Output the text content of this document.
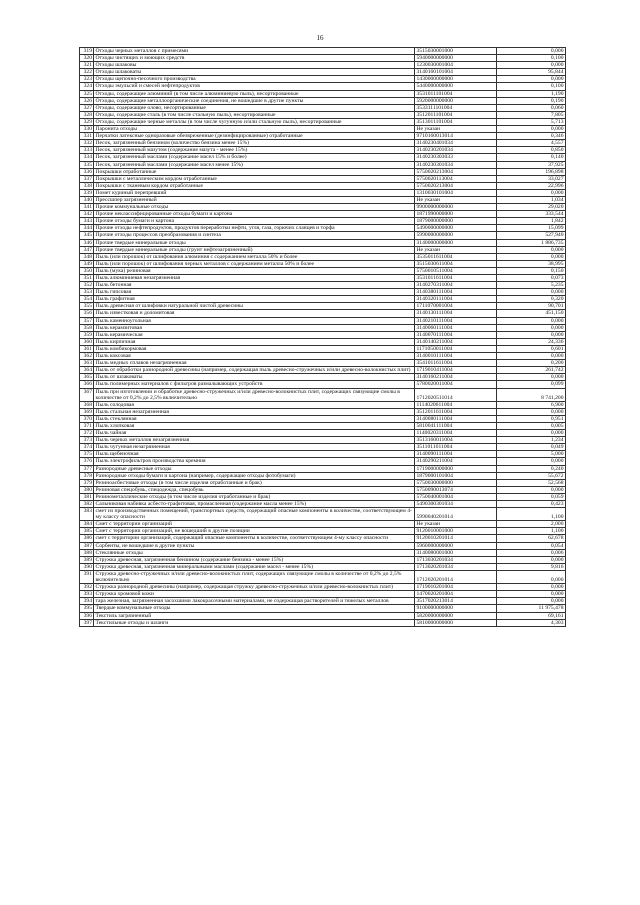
16
319	Отходы черных металлов с примесями	3515030001000	0,000
320	Отходы чистящих и моющих средств	5940000000000	0,100
321	Отходы шлаковы	1230030001004	0,000
322	Отходы шлаковаты	3140160101004	95,844
323	Отходы щепочно-песочного производства	1430000000000	0,000
324	Отходы эмульсий и смесей нефтепродуктов	5440000000000	0,100
325	Отходы, содержащие алюминий (в том числе алюминиевую пыль), несортированные	3531011101004	1,190
326	Отходы, содержащие металлоорганические соединения, не вошедшие в другие пункты	5920000000000	0,190
327	Отходы, содержащие олово, несортированные	3533111101004	0,060
328	Отходы, содержащие сталь (в том числе стальную пыль), несортированные	3512011101004	7,805
329	Отходы, содержащие черные металлы (в том числе чугунную и/или стальную пыль), несортированные	3513011101004	5,713
330	Паронита отходы	Не указан	0,000
331	Перчатки латексные одноразовые обезвреженные (дезинфицированные) отработанные	9710160013014	0,346
332	Песок, загрязненный бензином (количество бензина менее 15%)	3140230401034	4,557
333	Песок, загрязненный мазутом (содержание мазута - менее 15%)	3140230201034	0,850
334	Песок, загрязненный маслами (содержание масел 15% и более)	3140230303033	0,140
335	Песок, загрязненный маслами (содержание масел менее 15%)	3140230301034	37,925
336	Покрышки отработанные	5750020213004	196,898
337	Покрышки с металлическим кордом отработанные	5750020113004	33,027
338	Покрышки с тканевым кордом отработанные	5750020213004	22,996
339	Помет куриный перепревший	1310030101004	0,000
340	Прессшпер загрязненный	Не указан	1,034
341	Прочие коммунальные отходы	9900000000000	29,020
342	Прочие неклассифицированные отходы бумаги и картона	1871990000000	333,544
343	Прочие отходы бумаги и картона	1879000000000	1,842
344	Прочие отходы нефтепродуктов, продуктов переработки нефти, угля, газа, горючих сланцев и торфа	5490000000000	15,099
345	Прочие отходы процессов преобразования и синтеза	5990000000000	527,940
346	Прочие твердые минеральные отходы	3140000000000	1 886,735
347	Прочие твердые минеральные отходы (грунт нефтезагрязненный)	Не указан	0,000
348	Пыль (или порошок) от шлифования алюминия с содержанием металла 50% и более	3535011611004	0,000
349	Пыль (или порошок) от шлифования черных металлов с содержанием металла 50% и более	3515030611004	38,995
350	Пыль (мука) резиновая	5750010511004	0,150
351	Пыль алюминиевая незагрязненная	3531011611004	0,073
352	Пыль бетонная	3140270311004	5,235
353	Пыль гипсовая	3140380111004	0,000
354	Пыль графитная	3140320111004	0,320
355	Пыль древесная от шлифовки натуральной чистой древесины	1711070001004	90,701
356	Пыль известковая и доломитовая	3140130111004	451,150
357	Пыль каменноугольная	3140210111004	0,000
358	Пыль керамзитовая	3140060111004	0,000
359	Пыль керамическая	3140070111004	0,000
360	Пыль кирпичная	3140140211004	24,336
361	Пыль комбикормовая	1171050011004	0,601
362	Пыль коксовая	3140010111004	0,000
363	Пыль медных сплавов незагрязненная	3541011611004	0,200
364	Пыль от обработки разнородной древесины (например, содержащая пыль древесно-стружечных и/или древесно-волокнистых плит)	1719010411004	261,742
365	Пыль от шлаковаты	3140160211004	0,000
366	Пыль полимерных материалов с фильтров размалывающих устройств	5780020011004	0,099
367	Пыль при изготовлении и обработке древесно-стружечных и/или древесно-волокнистых плит, содержащих связующие смолы в количестве от 0,2% до 2,5% включительно	1712020511014	8 741,200
368	Пыль солодовая	1114020611004	6,900
369	Пыль стальная незагрязненная	3512011611004	0,000
370	Пыль стеклянная	3140080111004	0,951
371	Пыль хлопковая	5810041111004	0,005
372	Пыль чайная	1140020311004	0,000
373	Пыль черных металлов незагрязненная	3513160011004	1,234
374	Пыль чугунная незагрязненная	3511011611004	0,049
375	Пыль щебеночная	3140090111004	5,000
376	Пыль электрофильтров производства кремния	3140290211004	0,000
377	Разнородные древесные отходы	1719000000000	0,240
378	Разнородные отходы бумаги и картона (например, содержащие отходы фотобумаги)	1879000101004	55,672
379	Резинoасбестовые отходы (в том числе изделия отработанные и брак)	5750030000000	52,568
380	Резиновая спецобувь, спецодежда, спецобувь	5750090013074	0,000
381	Резинометаллические отходы (в том числе изделия отработанные и брак)	5750040001004	0,059
382	Сальниковая набивка асбесто-графитовая, промасленная (содержание масла менее 15%)	5490300301034	0,423
383	смет из производственных помещений, транспортных средств, содержащий опасные компоненты в количестве, соответствующем 4-му классу опасности	5990040201014	1,100
384	Смет с территории организаций	Не указан	2,000
385	Смет с территории организаций, не вошедший в другие позиции	9120010001000	1,100
386	смет с территории организаций, содержащий опасные компоненты в количестве, соответствующем 4-му классу опасности	9120010201014	62,678
387	Сорбенты, не вошедшие в другие пункты	5960000000000	0,054
388	Стеклянные отходы	3140080001000	0,006
389	Стружка древесная, загрязненная бензином (содержание бензина - менее 15%)	1713030201034	0,000
390	Стружка древесная, загрязненная минеральными маслами (содержание масел - менее 15%)	1713020201034	9,816
391	Стружка древесно-стружечных и/или древесно-волокнистых плит, содержащих связующие смолы в количестве от 0,2% до 2,5% включительно	1712020201014	0,000
392	Стружка разнородной древесины (например, содержащая стружку древесно-стружечных и/или древесно-волокнистых плит)	1719010201004	0,000
393	Стружка хромовой кожи	1470020201004	0,000
394	тара железная, загрязненная засохшими лакокрасочными материалами, не содержащая растворителей и тяжелых металлов	3517020213014	0,000
395	Твердые коммунальные отходы	9100000000000	11 975,478
396	Текстиль загрязненный	5820000000000	69,161
397	Текстильные отходы и шланги	5810000000000	4,303
